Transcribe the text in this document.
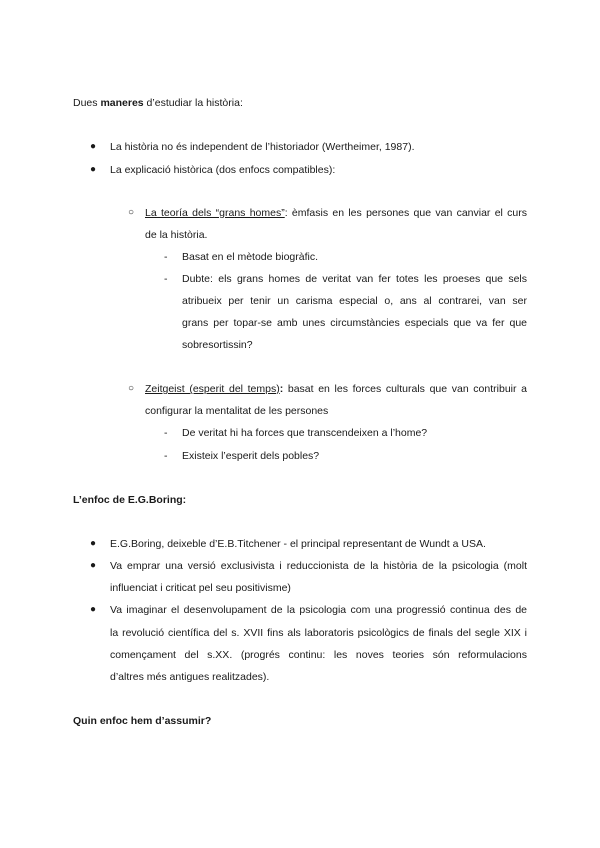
Dues maneres d’estudiar la història:
● La història no és independent de l’historiador (Wertheimer, 1987).
● La explicació històrica (dos enfocs compatibles):
○ La teoría dels “grans homes”: èmfasis en les persones que van canviar el curs
de la història.
- Basat en el mètode biogràfic.
- Dubte: els grans homes de veritat van fer totes les proeses que sels
atribueix per tenir un carisma especial o, ans al contrarei, van ser
grans per topar-se amb unes circumstàncies especials que va fer que
sobresortissin?
○ Zeitgeist (esperit del temps): basat en les forces culturals que van contribuir a
configurar la mentalitat de les persones
- De veritat hi ha forces que transcendeixen a l’home?
- Existeix l’esperit dels pobles?
L’enfoc de E.G.Boring:
● E.G.Boring, deixeble d’E.B.Titchener - el principal representant de Wundt a USA.
● Va emprar una versió exclusivista i reduccionista de la història de la psicologia (molt
influenciat i criticat pel seu positivisme)
● Va imaginar el desenvolupament de la psicologia com una progressió continua des de
la revolució científica del s. XVII fins als laboratoris psicològics de finals del segle XIX i
començament del s.XX. (progrés continu: les noves teories són reformulacions
d’altres més antigues realitzades).
Quin enfoc hem d’assumir?
